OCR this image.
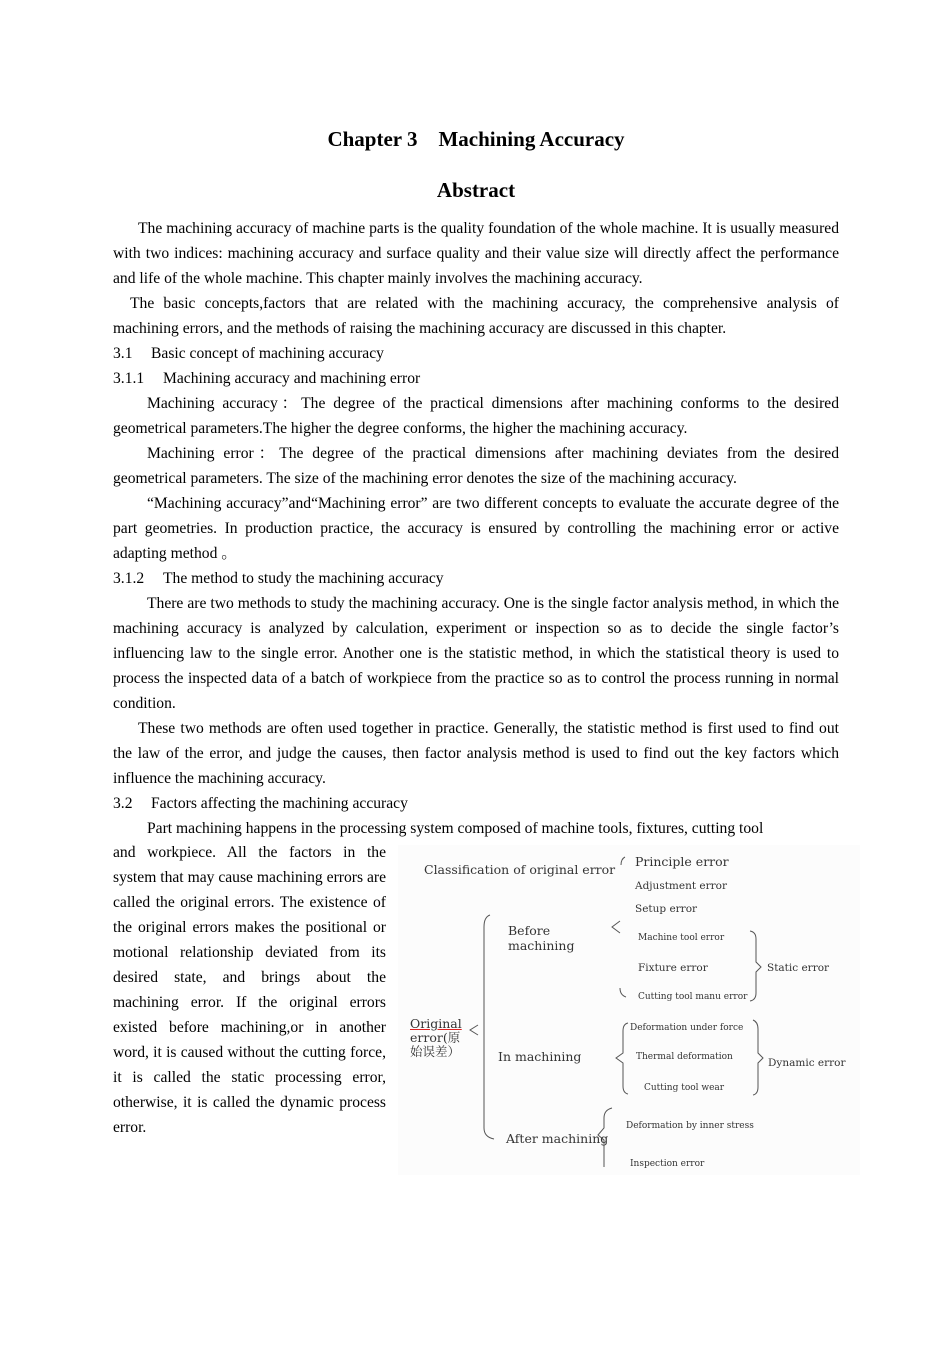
Chapter 3    Machining Accuracy
Abstract

The machining accuracy of machine parts is the quality foundation of the whole machine. It is usually measured with two indices: machining accuracy and surface quality and their value size will directly affect the performance and life of the whole machine. This chapter mainly involves the machining accuracy.

The basic concepts,factors that are related with the machining accuracy, the comprehensive analysis of machining errors, and the methods of raising the machining accuracy are discussed in this chapter.

3.1 Basic concept of machining accuracy

3.1.1 Machining accuracy and machining error

Machining accuracy：The degree of the practical dimensions after machining conforms to the desired geometrical parameters.The higher the degree conforms, the higher the machining accuracy.

Machining error：The degree of the practical dimensions after machining deviates from the desired geometrical parameters. The size of the machining error denotes the size of the machining accuracy.

“Machining accuracy”and“Machining error” are two different concepts to evaluate the accurate degree of the part geometries. In production practice, the accuracy is ensured by controlling the machining error or active adapting method 。

3.1.2 The method to study the machining accuracy

There are two methods to study the machining accuracy. One is the single factor analysis method, in which the machining accuracy is analyzed by calculation, experiment or inspection so as to decide the single factor’s influencing law to the single error. Another one is the statistic method, in which the statistical theory is used to process the inspected data of a batch of workpiece from the practice so as to control the process running in normal condition.

These two methods are often used together in practice. Generally, the statistic method is first used to find out the law of the error, and judge the causes, then factor analysis method is used to find out the key factors which influence the machining accuracy.

3.2 Factors affecting the machining accuracy

Part machining happens in the processing system composed of machine tools, fixtures, cutting tool

and workpiece. All the factors in the system that may cause machining errors are called the original errors. The existence of the original errors makes the positional or motional relationship deviated from its desired state, and brings about the machining error. If the original errors existed before machining,or in another word, it is caused without the cutting force, it is called the static processing error, otherwise, it is called the dynamic process error.

Classification of original error
Original
error(原
始误差）
Before
machining
In machining
After machining
Principle error
Adjustment error
Setup error
Machine tool error
Fixture error
Cutting tool manu error
Static error
Deformation under force
Thermal deformation
Cutting tool wear
Dynamic error
Deformation by inner stress
Inspection error
